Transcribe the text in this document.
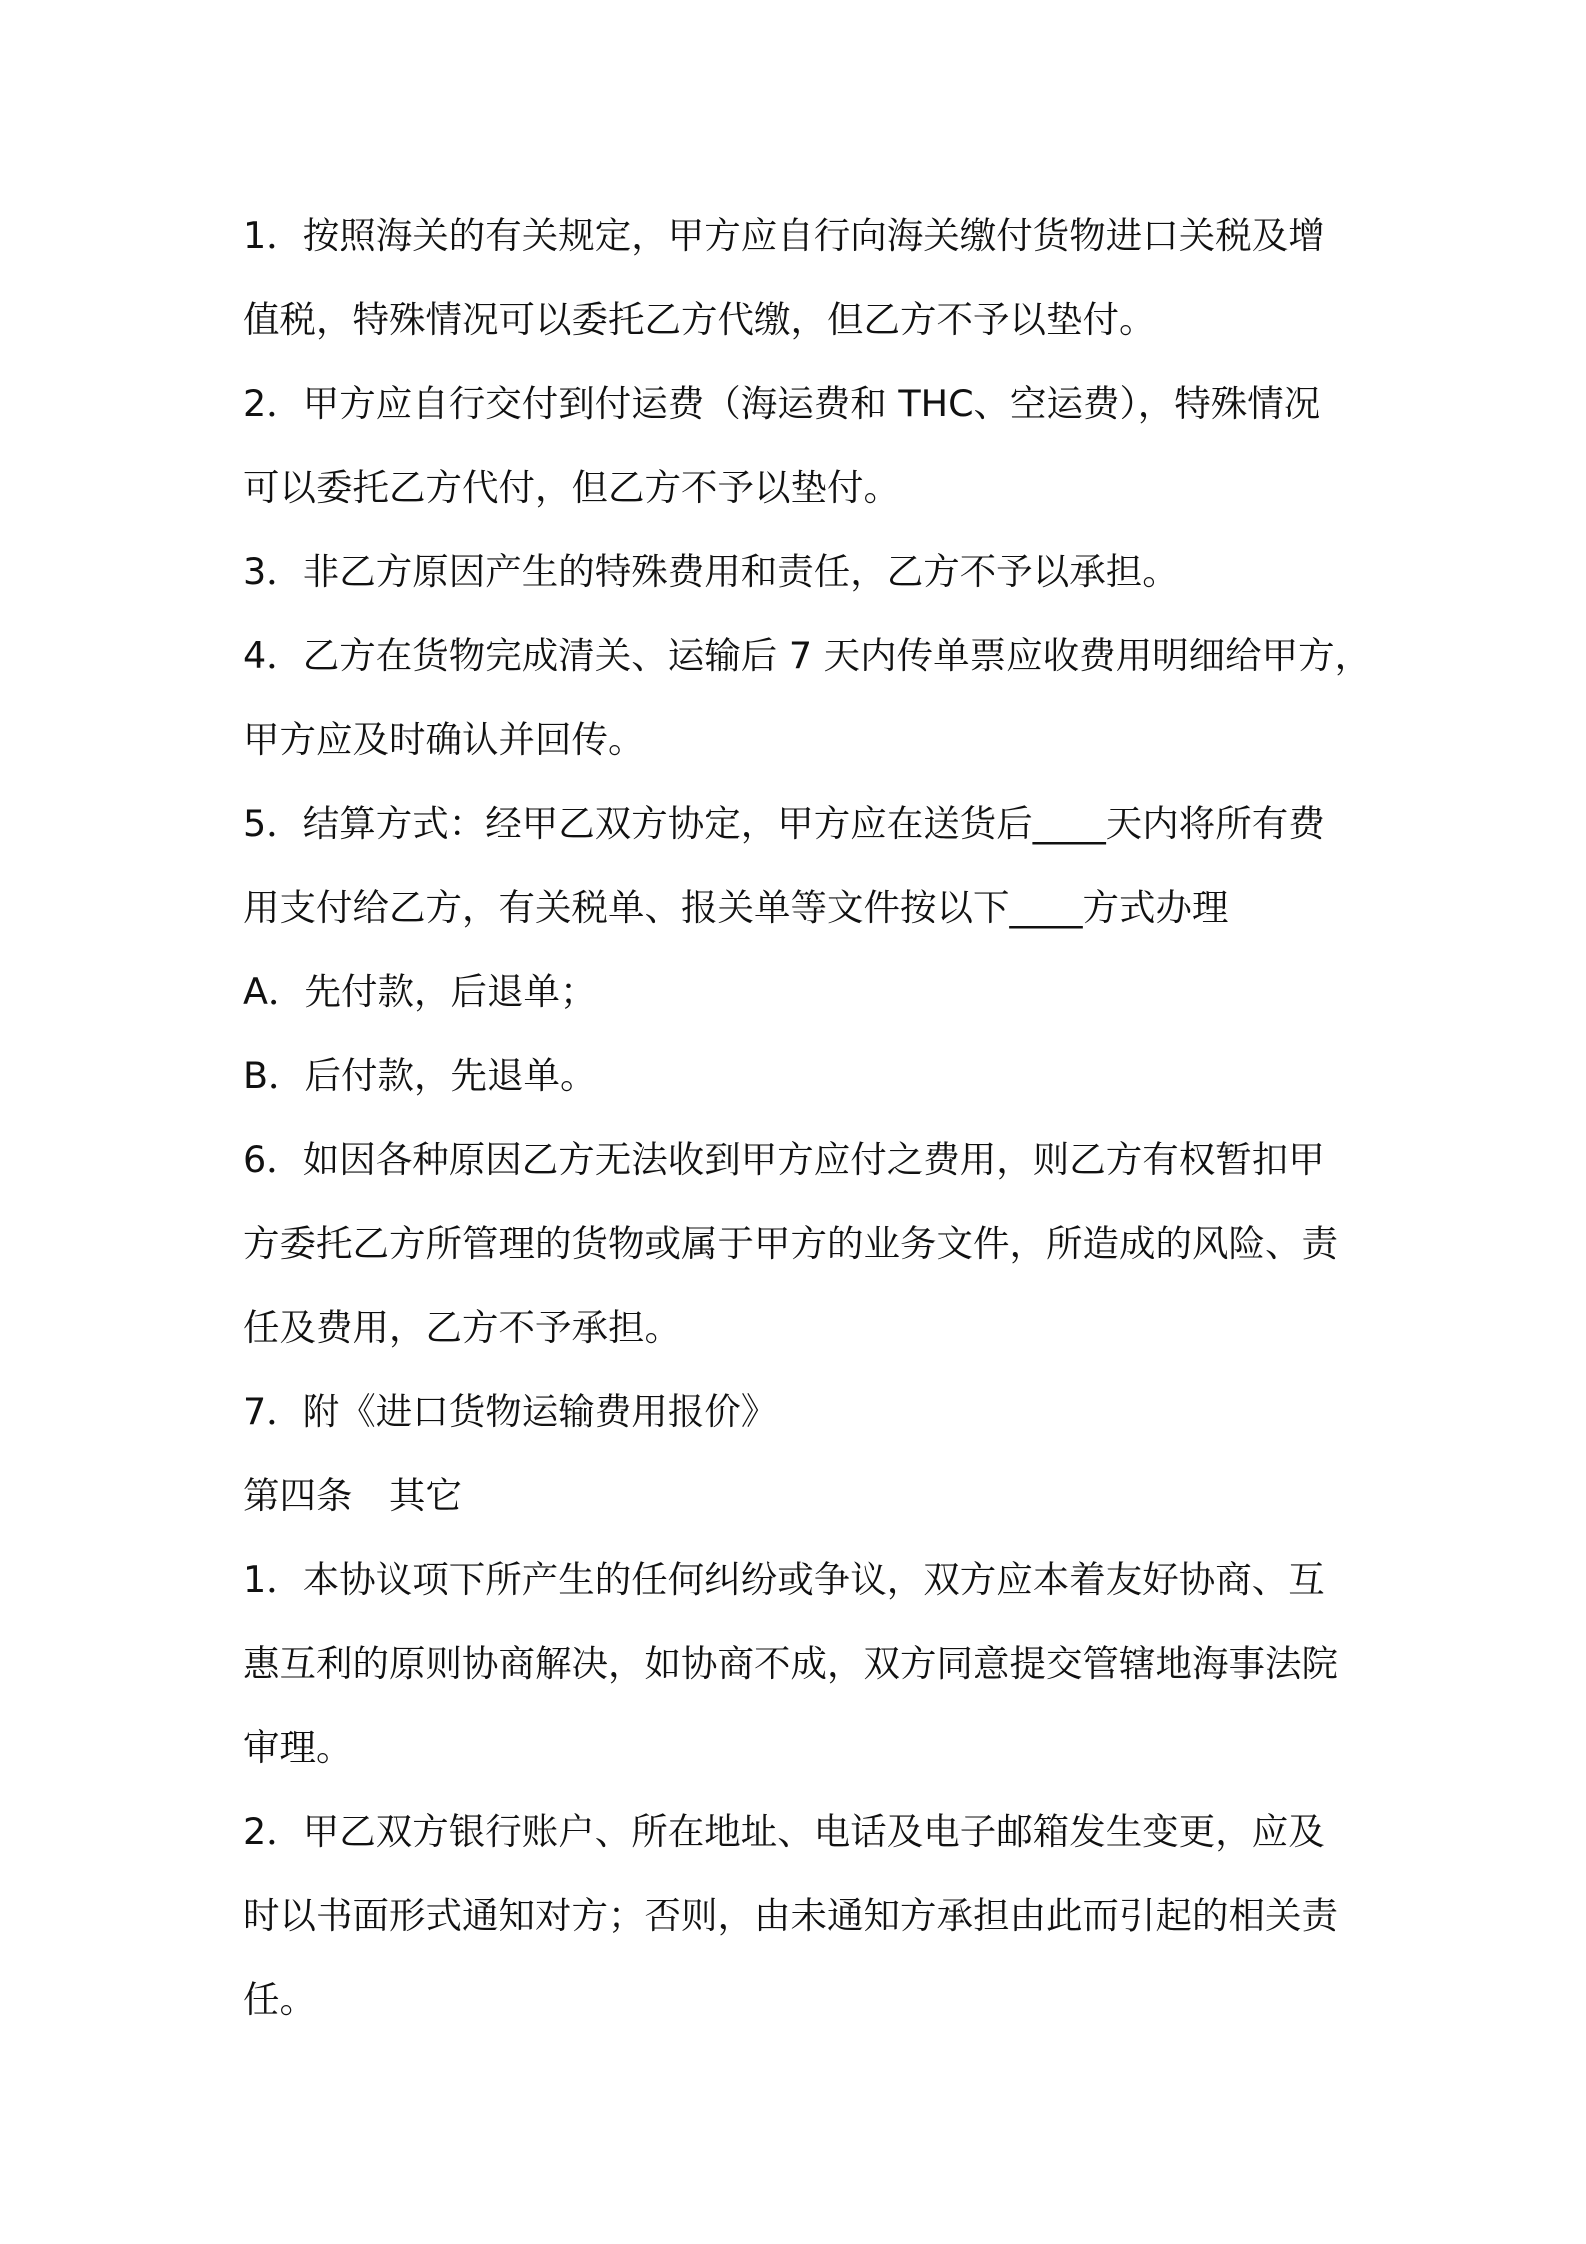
1．按照海关的有关规定，甲方应自行向海关缴付货物进口关税及增
值税，特殊情况可以委托乙方代缴，但乙方不予以垫付。
2．甲方应自行交付到付运费（海运费和 THC、空运费），特殊情况
可以委托乙方代付，但乙方不予以垫付。
3．非乙方原因产生的特殊费用和责任，乙方不予以承担。
4．乙方在货物完成清关、运输后 7 天内传单票应收费用明细给甲方，
甲方应及时确认并回传。
5．结算方式：经甲乙双方协定，甲方应在送货后____天内将所有费
用支付给乙方，有关税单、报关单等文件按以下____方式办理
A．先付款，后退单；
B．后付款，先退单。
6．如因各种原因乙方无法收到甲方应付之费用，则乙方有权暂扣甲
方委托乙方所管理的货物或属于甲方的业务文件，所造成的风险、责
任及费用，乙方不予承担。
7．附《进口货物运输费用报价》
第四条　其它
1．本协议项下所产生的任何纠纷或争议，双方应本着友好协商、互
惠互利的原则协商解决，如协商不成，双方同意提交管辖地海事法院
审理。
2．甲乙双方银行账户、所在地址、电话及电子邮箱发生变更，应及
时以书面形式通知对方；否则，由未通知方承担由此而引起的相关责
任。
